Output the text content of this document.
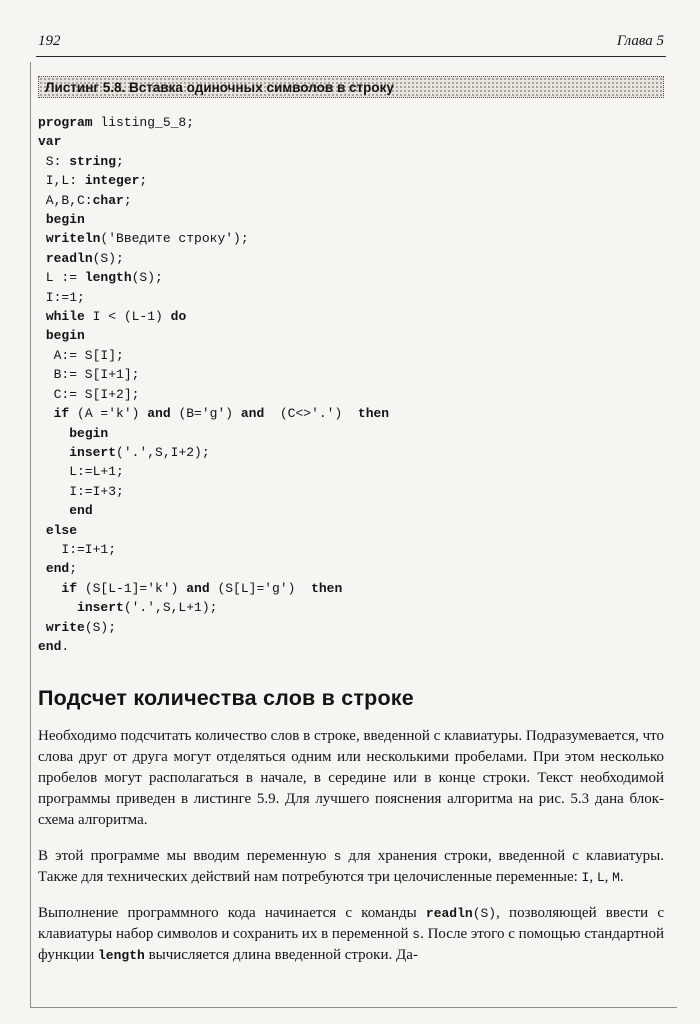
192	Глава 5
Листинг 5.8. Вставка одиночных символов в строку
program listing_5_8;
var
S: string;
I,L: integer;
A,B,C:char;
begin
writeln('Введите строку');
readln(S);
L := length(S);
I:=1;
while I < (L-1) do
begin
A:= S[I];
B:= S[I+1];
C:= S[I+2];
if (A ='k') and (B='g') and  (C<>'.')  then
begin
insert('.',S,I+2);
L:=L+1;
I:=I+3;
end
else
I:=I+1;
end;
if (S[L-1]='k') and (S[L]='g')  then
insert('.',S,L+1);
write(S);
end.
Подсчет количества слов в строке

Необходимо подсчитать количество слов в строке, введенной с клавиатуры. Подразумевается, что слова друг от друга могут отделяться одним или несколькими пробелами. При этом несколько пробелов могут располагаться в начале, в середине или в конце строки. Текст необходимой программы приведен в листинге 5.9. Для лучшего пояснения алгоритма на рис. 5.3 дана блок-схема алгоритма.

В этой программе мы вводим переменную s для хранения строки, введенной с клавиатуры. Также для технических действий нам потребуются три целочисленные переменные: I, L, M.

Выполнение программного кода начинается с команды readln(S), позволяющей ввести с клавиатуры набор символов и сохранить их в переменной s. После этого с помощью стандартной функции length вычисляется длина введенной строки. Да-
